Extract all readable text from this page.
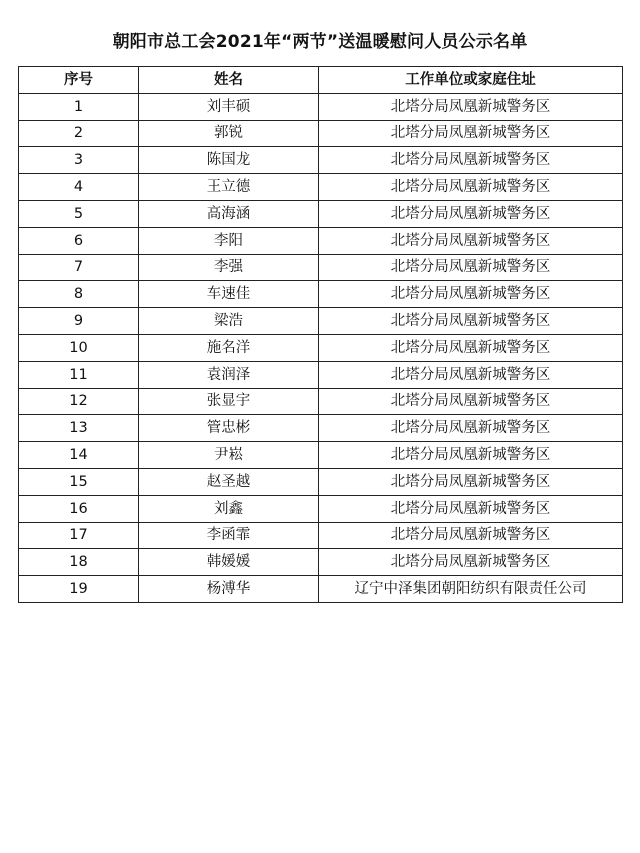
朝阳市总工会2021年“两节”送温暖慰问人员公示名单
序号	姓名	工作单位或家庭住址
1	刘丰硕	北塔分局凤凰新城警务区
2	郭锐	北塔分局凤凰新城警务区
3	陈国龙	北塔分局凤凰新城警务区
4	王立德	北塔分局凤凰新城警务区
5	高海涵	北塔分局凤凰新城警务区
6	李阳	北塔分局凤凰新城警务区
7	李强	北塔分局凤凰新城警务区
8	车速佳	北塔分局凤凰新城警务区
9	梁浩	北塔分局凤凰新城警务区
10	施名洋	北塔分局凤凰新城警务区
11	袁润泽	北塔分局凤凰新城警务区
12	张显宇	北塔分局凤凰新城警务区
13	管忠彬	北塔分局凤凰新城警务区
14	尹崧	北塔分局凤凰新城警务区
15	赵圣越	北塔分局凤凰新城警务区
16	刘鑫	北塔分局凤凰新城警务区
17	李函霏	北塔分局凤凰新城警务区
18	韩媛媛	北塔分局凤凰新城警务区
19	杨溥华	辽宁中泽集团朝阳纺织有限责任公司
